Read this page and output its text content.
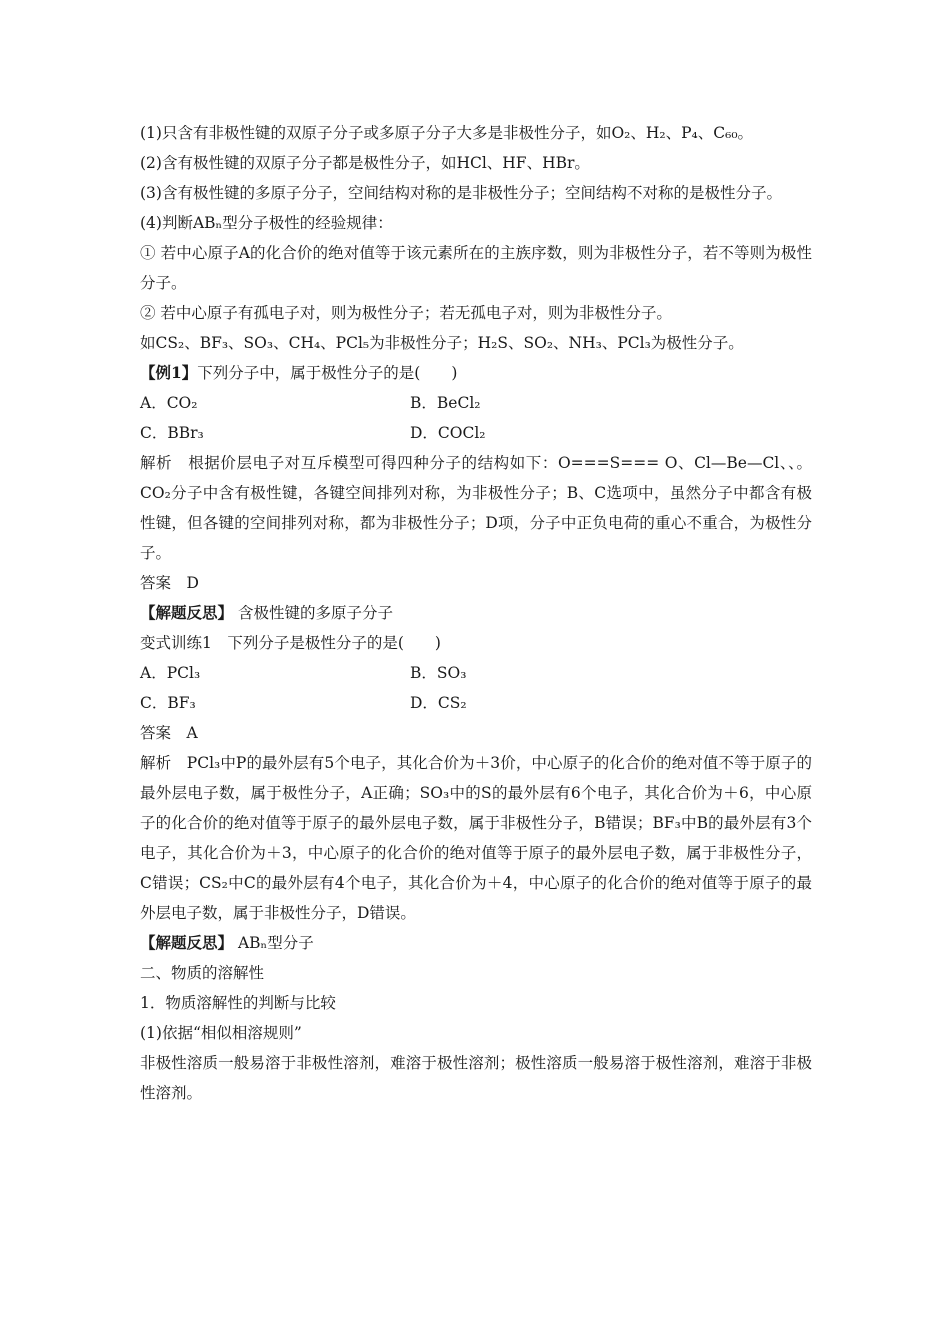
(1)只含有非极性键的双原子分子或多原子分子大多是非极性分子，如O₂、H₂、P₄、C₆₀。
(2)含有极性键的双原子分子都是极性分子，如HCl、HF、HBr。
(3)含有极性键的多原子分子，空间结构对称的是非极性分子；空间结构不对称的是极性分子。
(4)判断ABₙ型分子极性的经验规律：
① 若中心原子A的化合价的绝对值等于该元素所在的主族序数，则为非极性分子，若不等则为极性分子。
② 若中心原子有孤电子对，则为极性分子；若无孤电子对，则为非极性分子。
如CS₂、BF₃、SO₃、CH₄、PCl₅为非极性分子；H₂S、SO₂、NH₃、PCl₃为极性分子。
【例1】下列分子中，属于极性分子的是(　　)
A．CO₂	B．BeCl₂
C．BBr₃	D．COCl₂
解析　根据价层电子对互斥模型可得四种分子的结构如下：O===S=== O、Cl—Be—Cl、、。CO₂分子中含有极性键，各键空间排列对称，为非极性分子；B、C选项中，虽然分子中都含有极性键，但各键的空间排列对称，都为非极性分子；D项，分子中正负电荷的重心不重合，为极性分子。
答案　D
【解题反思】 含极性键的多原子分子
变式训练1　下列分子是极性分子的是(　　)
A．PCl₃	B．SO₃
C．BF₃	D．CS₂
答案　A
解析　PCl₃中P的最外层有5个电子，其化合价为＋3价，中心原子的化合价的绝对值不等于原子的最外层电子数，属于极性分子，A正确；SO₃中的S的最外层有6个电子，其化合价为＋6，中心原子的化合价的绝对值等于原子的最外层电子数，属于非极性分子，B错误；BF₃中B的最外层有3个电子，其化合价为＋3，中心原子的化合价的绝对值等于原子的最外层电子数，属于非极性分子，C错误；CS₂中C的最外层有4个电子，其化合价为＋4，中心原子的化合价的绝对值等于原子的最外层电子数，属于非极性分子，D错误。
【解题反思】 ABₙ型分子
二、物质的溶解性
1．物质溶解性的判断与比较
(1)依据“相似相溶规则”
非极性溶质一般易溶于非极性溶剂，难溶于极性溶剂；极性溶质一般易溶于极性溶剂，难溶于非极性溶剂。
